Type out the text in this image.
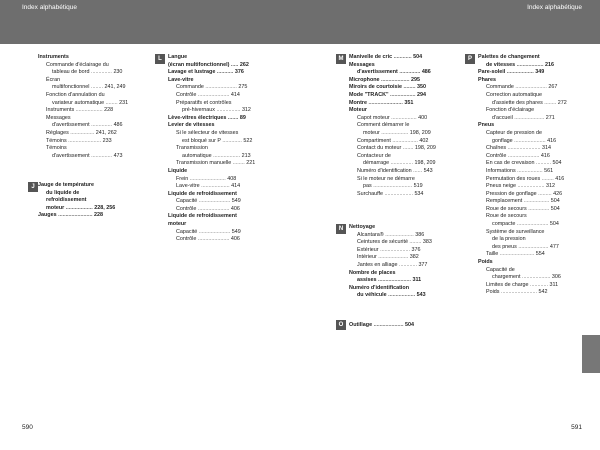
Index alphabétique	Index alphabétique
Instruments
Commande d'éclairage du
tableau de bord .............. 230
Écran
multifonctionnel ........ 241, 249
Fonction d'annulation du
variateur automatique ........ 231
Instruments .................. 228
Messages
d'avertissement .............. 486
Réglages ................ 241, 262
Témoins ...................... 233
Témoins
d'avertissement .............. 473
J Jauge de température
du liquide de
refroidissement
moteur .................. 228, 256
Jauges ....................... 228
L	Langue
(écran multifonctionnel) ..... 262
Lavage et lustrage ........... 376
Lave-vitre
Commande ..................... 275
Contrôle ..................... 414
Préparatifs et contrôles
pré-hivernaux ................ 312
Lève-vitres électriques ....... 89
Levier de vitesses
Si le sélecteur de vitesses
est bloqué sur P ............. 522
Transmission
automatique .................. 213
Transmission manuelle ........ 221
Liquide
Frein ........................ 408
Lave-vitre ................... 414
Liquide de refroidissement
Capacité ..................... 549
Contrôle ..................... 406
Liquide de refroidissement
moteur
Capacité ..................... 549
Contrôle ..................... 406
M	Manivelle de cric ............ 504
Messages
d'avertissement .............. 486
Microphone ................... 295
Miroirs de courtoisie ........ 350
Mode "TRACK" ................. 294
Montre ....................... 351
Moteur
Capot moteur ................. 400
Comment démarrer le
moteur .................. 198, 209
Compartiment ................. 402
Contact du moteur ....... 198, 209
Contacteur de
démarrage ............... 198, 209
Numéro d'identification ...... 543
Si le moteur ne démarre
pas .......................... 519
Surchauffe ................... 534
N	Nettoyage
Alcantara® ................... 386
Ceintures de sécurité ........ 383
Extérieur .................... 376
Intérieur .................... 382
Jantes en alliage ............ 377
Nombre de places
assises ...................... 311
Numéro d'identification
du véhicule .................. 543
O	Outillage .................... 504
P	Palettes de changement
de vitesses .................. 216
Pare-soleil .................. 349
Phares
Commande ..................... 267
Correction automatique
d'assiette des phares ........ 272
Fonction d'éclairage
d'accueil .................... 271
Pneus
Capteur de pression de
gonflage ..................... 416
Chaînes ...................... 314
Contrôle ..................... 416
En cas de crevaison .......... 504
Informations ................. 561
Permutation des roues ........ 416
Pneus neige .................. 312
Pression de gonflage ......... 426
Remplacement ................. 504
Roue de secours .............. 504
Roue de secours
compacte ..................... 504
Système de surveillance
de la pression
des pneus .................... 477
Taille ....................... 554
Poids
Capacité de
chargement ................... 306
Limites de charge ............ 311
Poids ........................ 542
590	591
